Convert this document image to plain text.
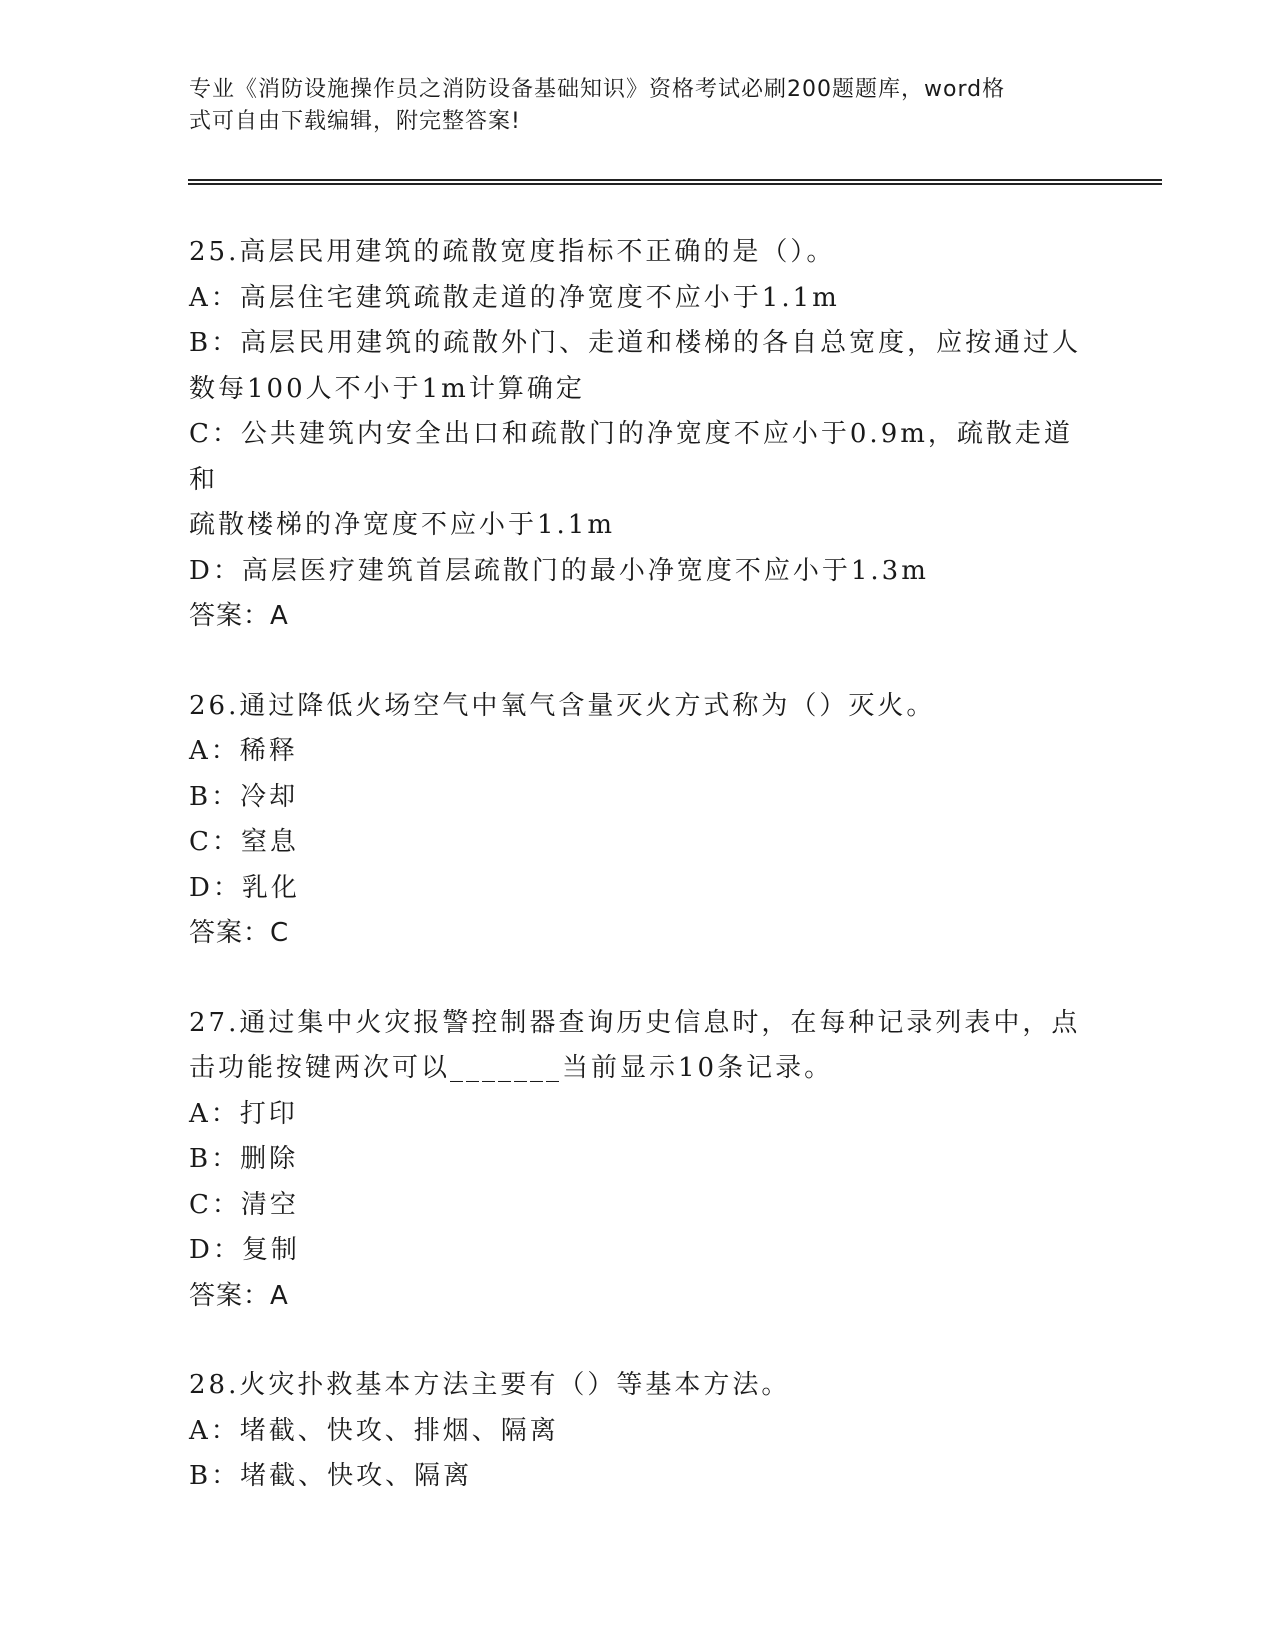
专业《消防设施操作员之消防设备基础知识》资格考试必刷200题题库，word格
式可自由下载编辑，附完整答案!
25.高层民用建筑的疏散宽度指标不正确的是（）。
A：高层住宅建筑疏散走道的净宽度不应小于1.1m
B：高层民用建筑的疏散外门、走道和楼梯的各自总宽度，应按通过人
数每100人不小于1m计算确定
C：公共建筑内安全出口和疏散门的净宽度不应小于0.9m，疏散走道和
疏散楼梯的净宽度不应小于1.1m
D：高层医疗建筑首层疏散门的最小净宽度不应小于1.3m
答案：A
26.通过降低火场空气中氧气含量灭火方式称为（）灭火。
A：稀释
B：冷却
C：窒息
D：乳化
答案：C
27.通过集中火灾报警控制器查询历史信息时，在每种记录列表中，点
击功能按键两次可以_______当前显示10条记录。
A：打印
B：删除
C：清空
D：复制
答案：A
28.火灾扑救基本方法主要有（）等基本方法。
A：堵截、快攻、排烟、隔离
B：堵截、快攻、隔离
